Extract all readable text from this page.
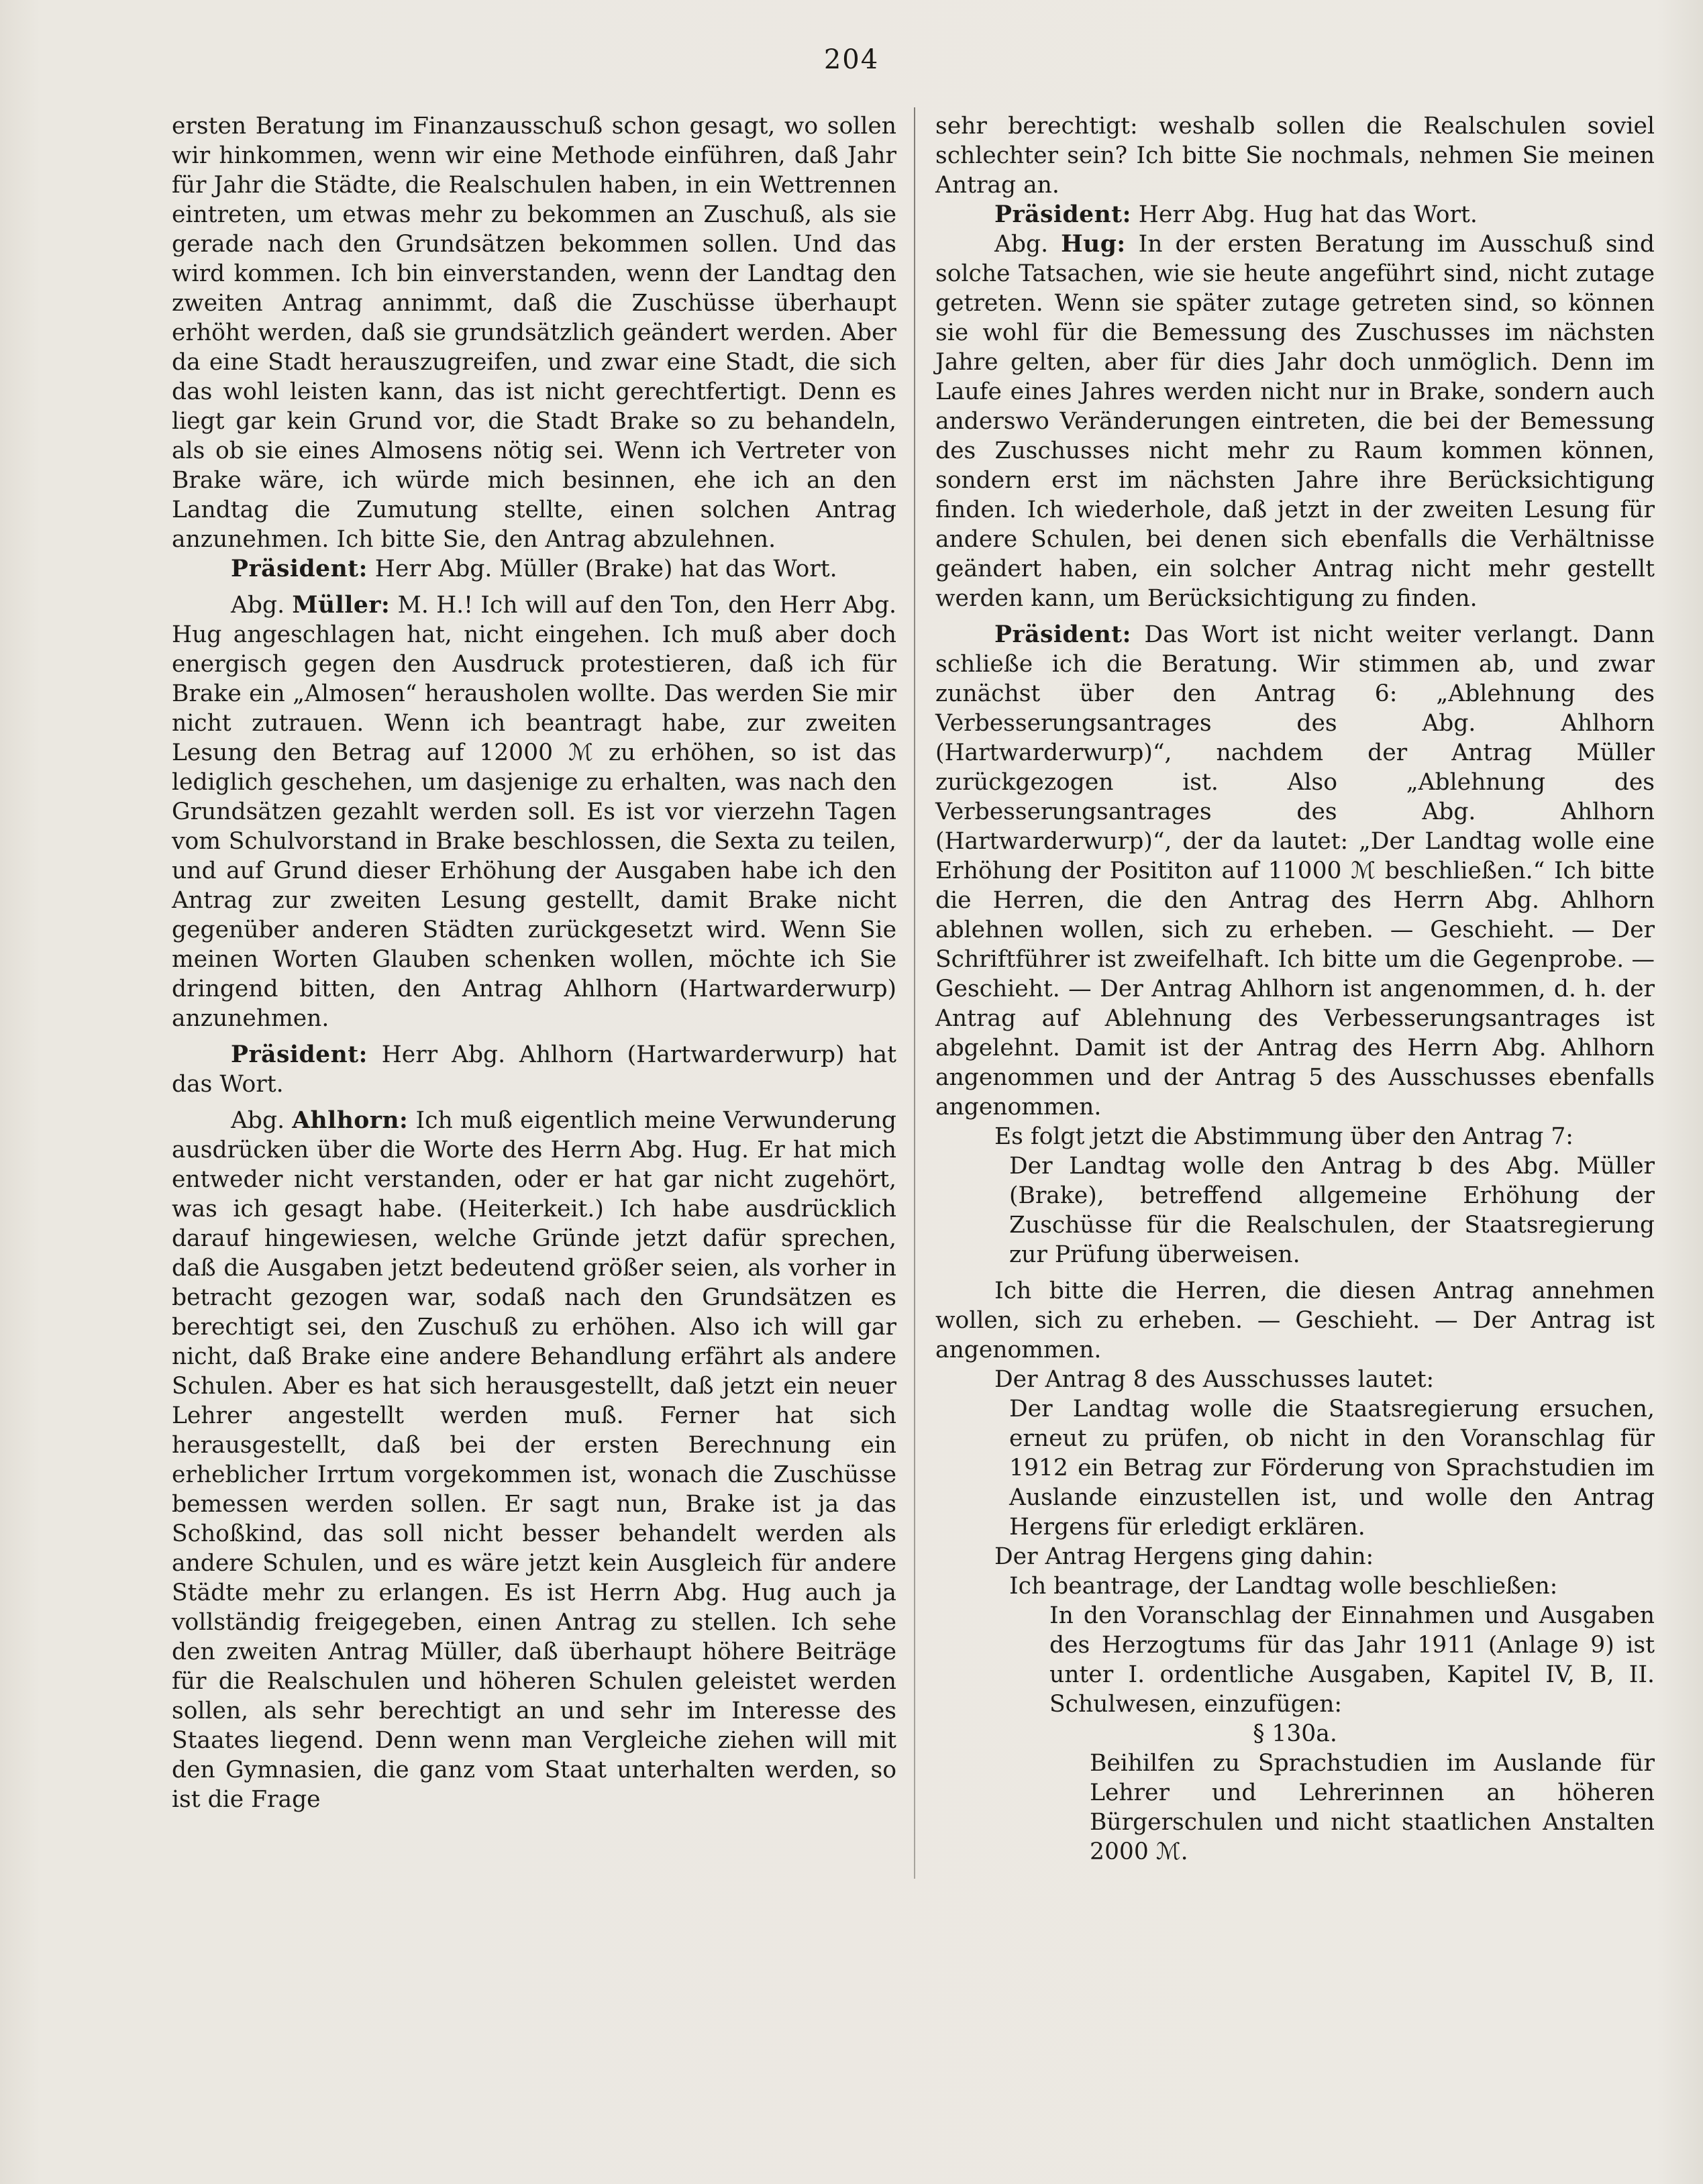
204

ersten Beratung im Finanzausschuß schon gesagt, wo sollen wir hinkommen, wenn wir eine Methode einführen, daß Jahr für Jahr die Städte, die Realschulen haben, in ein Wettrennen eintreten, um etwas mehr zu bekommen an Zuschuß, als sie gerade nach den Grundsätzen bekommen sollen. Und das wird kommen. Ich bin einverstanden, wenn der Landtag den zweiten Antrag annimmt, daß die Zuschüsse überhaupt erhöht werden, daß sie grundsätzlich geändert werden. Aber da eine Stadt herauszugreifen, und zwar eine Stadt, die sich das wohl leisten kann, das ist nicht gerechtfertigt. Denn es liegt gar kein Grund vor, die Stadt Brake so zu behandeln, als ob sie eines Almosens nötig sei. Wenn ich Vertreter von Brake wäre, ich würde mich besinnen, ehe ich an den Landtag die Zumutung stellte, einen solchen Antrag anzunehmen. Ich bitte Sie, den Antrag abzulehnen.

Präsident: Herr Abg. Müller (Brake) hat das Wort.

Abg. Müller: M. H.! Ich will auf den Ton, den Herr Abg. Hug angeschlagen hat, nicht eingehen. Ich muß aber doch energisch gegen den Ausdruck protestieren, daß ich für Brake ein „Almosen“ herausholen wollte. Das werden Sie mir nicht zutrauen. Wenn ich beantragt habe, zur zweiten Lesung den Betrag auf 12000 ℳ zu erhöhen, so ist das lediglich geschehen, um dasjenige zu erhalten, was nach den Grundsätzen gezahlt werden soll. Es ist vor vierzehn Tagen vom Schulvorstand in Brake beschlossen, die Sexta zu teilen, und auf Grund dieser Erhöhung der Ausgaben habe ich den Antrag zur zweiten Lesung gestellt, damit Brake nicht gegenüber anderen Städten zurückgesetzt wird. Wenn Sie meinen Worten Glauben schenken wollen, möchte ich Sie dringend bitten, den Antrag Ahlhorn (Hartwarderwurp) anzunehmen.

Präsident: Herr Abg. Ahlhorn (Hartwarderwurp) hat das Wort.

Abg. Ahlhorn: Ich muß eigentlich meine Verwunderung ausdrücken über die Worte des Herrn Abg. Hug. Er hat mich entweder nicht verstanden, oder er hat gar nicht zugehört, was ich gesagt habe. (Heiterkeit.) Ich habe ausdrücklich darauf hingewiesen, welche Gründe jetzt dafür sprechen, daß die Ausgaben jetzt bedeutend größer seien, als vorher in betracht gezogen war, sodaß nach den Grundsätzen es berechtigt sei, den Zuschuß zu erhöhen. Also ich will gar nicht, daß Brake eine andere Behandlung erfährt als andere Schulen. Aber es hat sich herausgestellt, daß jetzt ein neuer Lehrer angestellt werden muß. Ferner hat sich herausgestellt, daß bei der ersten Berechnung ein erheblicher Irrtum vorgekommen ist, wonach die Zuschüsse bemessen werden sollen. Er sagt nun, Brake ist ja das Schoßkind, das soll nicht besser behandelt werden als andere Schulen, und es wäre jetzt kein Ausgleich für andere Städte mehr zu erlangen. Es ist Herrn Abg. Hug auch ja vollständig freigegeben, einen Antrag zu stellen. Ich sehe den zweiten Antrag Müller, daß überhaupt höhere Beiträge für die Realschulen und höheren Schulen geleistet werden sollen, als sehr berechtigt an und sehr im Interesse des Staates liegend. Denn wenn man Vergleiche ziehen will mit den Gymnasien, die ganz vom Staat unterhalten werden, so ist die Frage

sehr berechtigt: weshalb sollen die Realschulen soviel schlechter sein? Ich bitte Sie nochmals, nehmen Sie meinen Antrag an.

Präsident: Herr Abg. Hug hat das Wort.

Abg. Hug: In der ersten Beratung im Ausschuß sind solche Tatsachen, wie sie heute angeführt sind, nicht zutage getreten. Wenn sie später zutage getreten sind, so können sie wohl für die Bemessung des Zuschusses im nächsten Jahre gelten, aber für dies Jahr doch unmöglich. Denn im Laufe eines Jahres werden nicht nur in Brake, sondern auch anderswo Veränderungen eintreten, die bei der Bemessung des Zuschusses nicht mehr zu Raum kommen können, sondern erst im nächsten Jahre ihre Berücksichtigung finden. Ich wiederhole, daß jetzt in der zweiten Lesung für andere Schulen, bei denen sich ebenfalls die Verhältnisse geändert haben, ein solcher Antrag nicht mehr gestellt werden kann, um Berücksichtigung zu finden.

Präsident: Das Wort ist nicht weiter verlangt. Dann schließe ich die Beratung. Wir stimmen ab, und zwar zunächst über den Antrag 6: „Ablehnung des Verbesserungsantrages des Abg. Ahlhorn (Hartwarderwurp)“, nachdem der Antrag Müller zurückgezogen ist. Also „Ablehnung des Verbesserungsantrages des Abg. Ahlhorn (Hartwarderwurp)“, der da lautet: „Der Landtag wolle eine Erhöhung der Posititon auf 11000 ℳ beschließen.“ Ich bitte die Herren, die den Antrag des Herrn Abg. Ahlhorn ablehnen wollen, sich zu erheben. — Geschieht. — Der Schriftführer ist zweifelhaft. Ich bitte um die Gegenprobe. — Geschieht. — Der Antrag Ahlhorn ist angenommen, d. h. der Antrag auf Ablehnung des Verbesserungsantrages ist abgelehnt. Damit ist der Antrag des Herrn Abg. Ahlhorn angenommen und der Antrag 5 des Ausschusses ebenfalls angenommen.

Es folgt jetzt die Abstimmung über den Antrag 7:

Der Landtag wolle den Antrag b des Abg. Müller (Brake), betreffend allgemeine Erhöhung der Zuschüsse für die Realschulen, der Staatsregierung zur Prüfung überweisen.

Ich bitte die Herren, die diesen Antrag annehmen wollen, sich zu erheben. — Geschieht. — Der Antrag ist angenommen.

Der Antrag 8 des Ausschusses lautet:

Der Landtag wolle die Staatsregierung ersuchen, erneut zu prüfen, ob nicht in den Voranschlag für 1912 ein Betrag zur Förderung von Sprachstudien im Auslande einzustellen ist, und wolle den Antrag Hergens für erledigt erklären.

Der Antrag Hergens ging dahin:

Ich beantrage, der Landtag wolle beschließen:

In den Voranschlag der Einnahmen und Ausgaben des Herzogtums für das Jahr 1911 (Anlage 9) ist unter I. ordentliche Ausgaben, Kapitel IV, B, II. Schulwesen, einzufügen:

§ 130a.

Beihilfen zu Sprachstudien im Auslande für Lehrer und Lehrerinnen an höheren Bürgerschulen und nicht staatlichen Anstalten 2000 ℳ.
